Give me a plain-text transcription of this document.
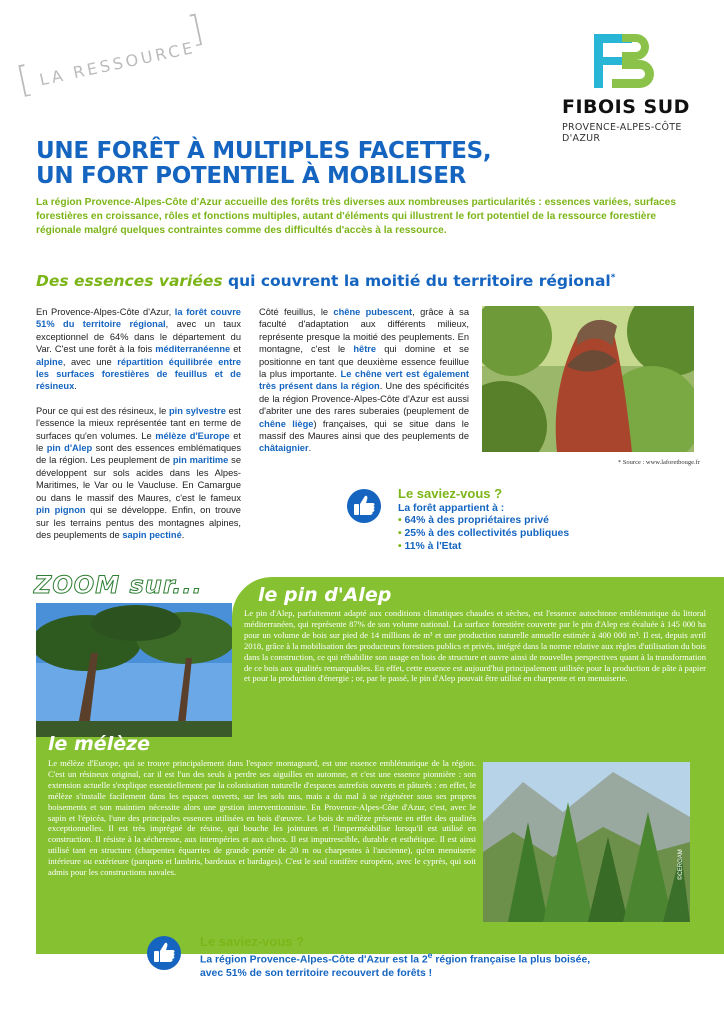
FIBOIS SUD
PROVENCE-ALPES-CÔTE D'AZUR
[ LA RESSOURCE
]
UNE FORÊT À MULTIPLES FACETTES,
UN FORT POTENTIEL À MOBILISER
La région Provence-Alpes-Côte d'Azur accueille des forêts très diverses aux nombreuses particularités : essences variées, surfaces forestières en croissance, rôles et fonctions multiples, autant d'éléments qui illustrent le fort potentiel de la ressource forestière régionale malgré quelques contraintes comme des difficultés d'accès à la ressource.
Des essences variées qui couvrent la moitié du territoire régional*

En Provence-Alpes-Côte d'Azur, la forêt couvre 51% du territoire régional, avec un taux exceptionnel de 64% dans le département du Var. C'est une forêt à la fois méditerranéenne et alpine, avec une répartition équilibrée entre les surfaces forestières de feuillus et de résineux.

Pour ce qui est des résineux, le pin sylvestre est l'essence la mieux représentée tant en terme de surfaces qu'en volumes. Le mélèze d'Europe et le pin d'Alep sont des essences emblématiques de la région. Les peuplement de pin maritime se développent sur sols acides dans les Alpes-Maritimes, le Var ou le Vaucluse. En Camargue ou dans le massif des Maures, c'est le fameux pin pignon qui se développe. Enfin, on trouve sur les terrains pentus des montagnes alpines, des peuplements de sapin pectiné.

Côté feuillus, le chêne pubescent, grâce à sa faculté d'adaptation aux différents milieux, représente presque la moitié des peuplements. En montagne, c'est le hêtre qui domine et se positionne en tant que deuxième essence feuillue la plus importante. Le chêne vert est également très présent dans la région. Une des spécificités de la région Provence-Alpes-Côte d'Azur est aussi d'abriter une des rares suberaies (peuplement de chêne liège) françaises, qui se situe dans le massif des Maures ainsi que des peuplements de châtaignier.

* Source : www.laforetbouge.fr
Le saviez-vous ?
La forêt appartient à :
• 64% à des propriétaires privé
• 25% à des collectivités publiques
• 11% à l'Etat
ZOOM sur...	le pin d'Alep
Le pin d'Alep, parfaitement adapté aux conditions climatiques chaudes et sèches, est l'essence autochtone emblématique du littoral méditerranéen, qui représente 87% de son volume national. La surface forestière couverte par le pin d'Alep est évaluée à 145 000 ha pour un volume de bois sur pied de 14 millions de m³ et une production naturelle annuelle estimée à 400 000 m³. Il est, depuis avril 2018, grâce à la mobilisation des producteurs forestiers publics et privés, intégré dans la norme relative aux règles d'utilisation du bois dans la construction, ce qui réhabilite son usage en bois de structure et ouvre ainsi de nouvelles perspectives quant à la transformation de ce bois aux qualités remarquables. En effet, cette essence est aujourd'hui principalement utilisée pour la production de pâte à papier et pour la production d'énergie ; or, par le passé, le pin d'Alep pouvait être utilisé en charpente et en menuiserie.
le mélèze
Le mélèze d'Europe, qui se trouve principalement dans l'espace montagnard, est une essence emblématique de la région. C'est un résineux original, car il est l'un des seuls à perdre ses aiguilles en automne, et c'est une essence pionnière : son extension actuelle s'explique essentiellement par la colonisation naturelle d'espaces autrefois ouverts et pâturés : en effet, le mélèze s'installe facilement dans les espaces ouverts, sur les sols nus, mais a du mal à se régénérer sous ses propres boisements et son maintien nécessite alors une gestion interventionniste. En Provence-Alpes-Côte d'Azur, c'est, avec le sapin et l'épicéa, l'une des principales essences utilisées en bois d'œuvre. Le bois de mélèze présente en effet des qualités exceptionnelles. Il est très imprégné de résine, qui bouche les jointures et l'imperméabilise lorsqu'il est utilisé en construction. Il résiste à la sécheresse, aux intempéries et aux chocs. Il est imputrescible, durable et esthétique. Il est ainsi utilisé tant en structure (charpentes équarries de grande portée de 20 m ou charpentes à l'ancienne), qu'en menuiserie intérieure ou extérieure (parquets et lambris, bardeaux et bardages). C'est le seul conifère européen, avec le cyprès, qui soit admis pour les constructions navales.	©CERGAM
Le saviez-vous ?
La région Provence-Alpes-Côte d'Azur est la 2e région française la plus boisée,
avec 51% de son territoire recouvert de forêts !
